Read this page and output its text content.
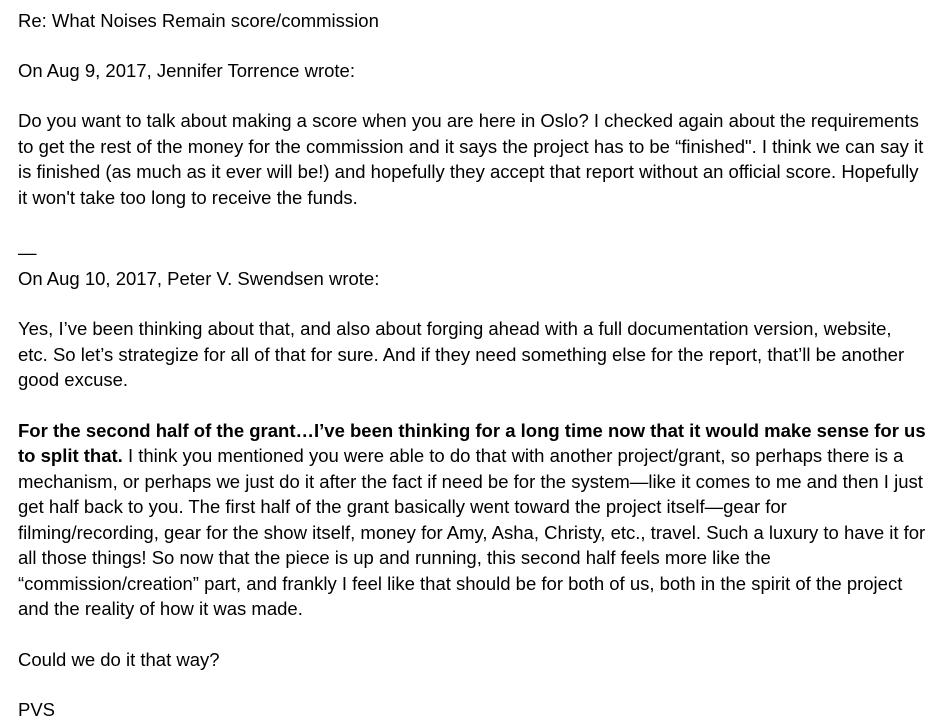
Re: What Noises Remain score/commission
On Aug 9, 2017, Jennifer Torrence wrote:

Do you want to talk about making a score when you are here in Oslo? I checked again about the requirements to get the rest of the money for the commission and it says the project has to be “finished". I think we can say it is finished (as much as it ever will be!) and hopefully they accept that report without an official score. Hopefully it won't take too long to receive the funds.

—
On Aug 10, 2017, Peter V. Swendsen wrote:

Yes, I’ve been thinking about that, and also about forging ahead with a full documentation version, website, etc. So let’s strategize for all of that for sure. And if they need something else for the report, that’ll be another good excuse.

For the second half of the grant…I’ve been thinking for a long time now that it would make sense for us to split that. I think you mentioned you were able to do that with another project/grant, so perhaps there is a mechanism, or perhaps we just do it after the fact if need be for the system—like it comes to me and then I just get half back to you. The first half of the grant basically went toward the project itself—gear for filming/recording, gear for the show itself, money for Amy, Asha, Christy, etc., travel. Such a luxury to have it for all those things! So now that the piece is up and running, this second half feels more like the “commission/creation” part, and frankly I feel like that should be for both of us, both in the spirit of the project and the reality of how it was made.

Could we do it that way?

PVS
